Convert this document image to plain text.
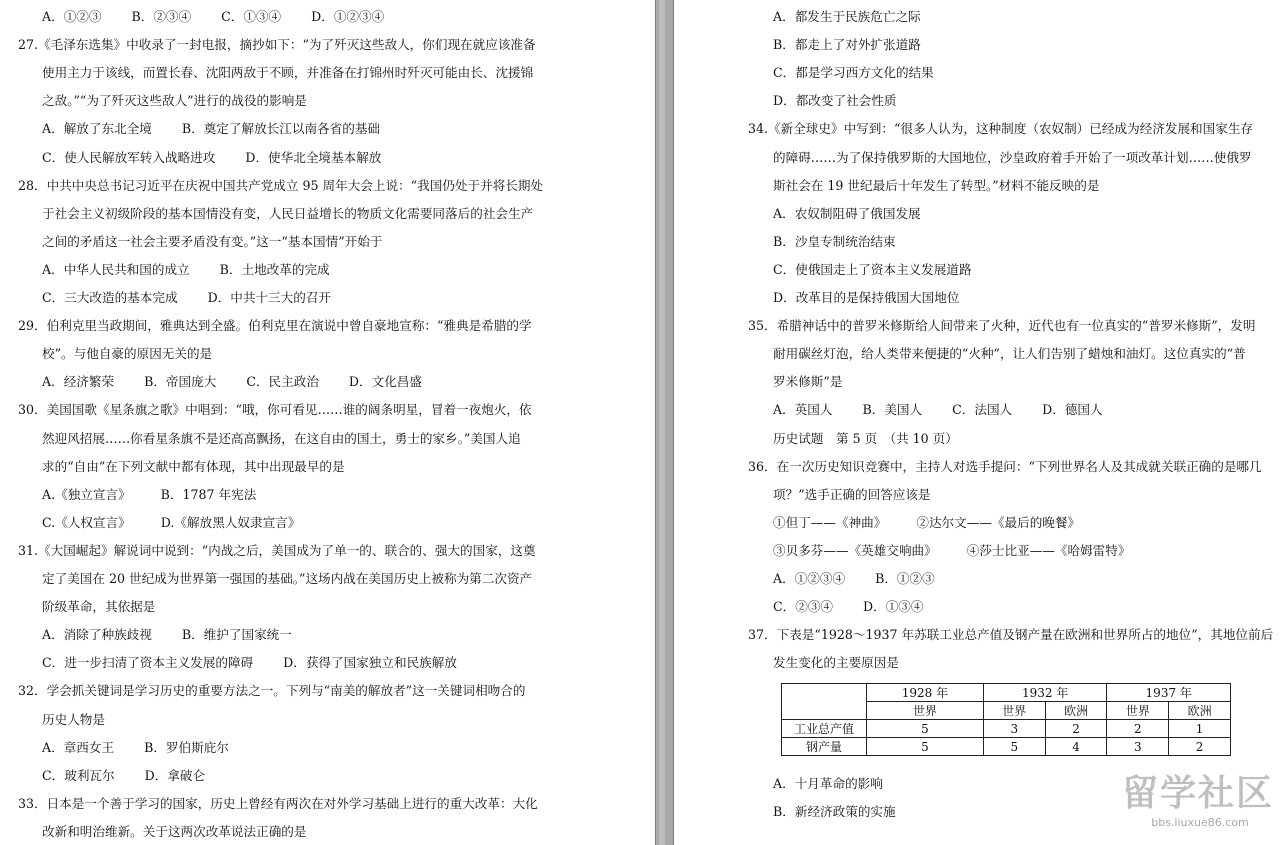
A．①②③ B．②③④ C．①③④ D．①②③④
27.《毛泽东选集》中收录了一封电报，摘抄如下：“为了歼灭这些敌人，你们现在就应该准备
使用主力于该线，而置长春、沈阳两敌于不顾，并准备在打锦州时歼灭可能由长、沈援锦
之敌。”“为了歼灭这些敌人”进行的战役的影响是
A．解放了东北全境 B．奠定了解放长江以南各省的基础
C．使人民解放军转入战略进攻 D．使华北全境基本解放
28．中共中央总书记习近平在庆祝中国共产党成立 95 周年大会上说：“我国仍处于并将长期处
于社会主义初级阶段的基本国情没有变，人民日益增长的物质文化需要同落后的社会生产
之间的矛盾这一社会主要矛盾没有变。”这一“基本国情”开始于
A．中华人民共和国的成立 B．土地改革的完成
C．三大改造的基本完成 D．中共十三大的召开
29．伯利克里当政期间，雅典达到全盛。伯利克里在演说中曾自豪地宣称：“雅典是希腊的学
校”。与他自豪的原因无关的是
A．经济繁荣 B．帝国庞大 C．民主政治 D．文化昌盛
30．美国国歌《星条旗之歌》中唱到：“哦，你可看见……谁的阔条明星，冒着一夜炮火，依
然迎风招展……你看星条旗不是还高高飘扬，在这自由的国土，勇士的家乡。”美国人追
求的“自由”在下列文献中都有体现，其中出现最早的是
A.《独立宣言》 B．1787 年宪法
C.《人权宣言》 D.《解放黑人奴隶宣言》
31.《大国崛起》解说词中说到：“内战之后，美国成为了单一的、联合的、强大的国家，这奠
定了美国在 20 世纪成为世界第一强国的基础。”这场内战在美国历史上被称为第二次资产
阶级革命，其依据是
A．消除了种族歧视 B．维护了国家统一
C．进一步扫清了资本主义发展的障碍 D．获得了国家独立和民族解放
32．学会抓关键词是学习历史的重要方法之一。下列与“南美的解放者”这一关键词相吻合的
历史人物是
A．章西女王 B．罗伯斯庇尔
C．玻利瓦尔 D．拿破仑
33．日本是一个善于学习的国家，历史上曾经有两次在对外学习基础上进行的重大改革：大化
改新和明治维新。关于这两次改革说法正确的是
A．都发生于民族危亡之际
B．都走上了对外扩张道路
C．都是学习西方文化的结果
D．都改变了社会性质
34.《新全球史》中写到：“很多人认为，这种制度（农奴制）已经成为经济发展和国家生存
的障碍……为了保持俄罗斯的大国地位，沙皇政府着手开始了一项改革计划……使俄罗
斯社会在 19 世纪最后十年发生了转型。”材料不能反映的是
A．农奴制阻碍了俄国发展
B．沙皇专制统治结束
C．使俄国走上了资本主义发展道路
D．改革目的是保持俄国大国地位
35．希腊神话中的普罗米修斯给人间带来了火种，近代也有一位真实的“普罗米修斯”，发明
耐用碳丝灯泡，给人类带来便捷的“火种”，让人们告别了蜡烛和油灯。这位真实的“普
罗米修斯”是
A．英国人 B．美国人 C．法国人 D．德国人
历史试题　第 5 页　（共 10 页）
36．在一次历史知识竞赛中，主持人对选手提问：“下列世界名人及其成就关联正确的是哪几
项？”选手正确的回答应该是
①但丁——《神曲》 ②达尔文——《最后的晚餐》
③贝多芬——《英雄交响曲》 ④莎士比亚——《哈姆雷特》
A．①②③④ B．①②③
C．②③④ D．①③④
37．下表是“1928～1937 年苏联工业总产值及钢产量在欧洲和世界所占的地位”，其地位前后
发生变化的主要原因是
	1928 年	1932 年		1937 年	
	世界	世界	欧洲	世界	欧洲
工业总产值	5	3	2	2	1
钢产量	5	5	4	3	2
A．十月革命的影响
B．新经济政策的实施	留学社区
bbs.liuxue86.com
